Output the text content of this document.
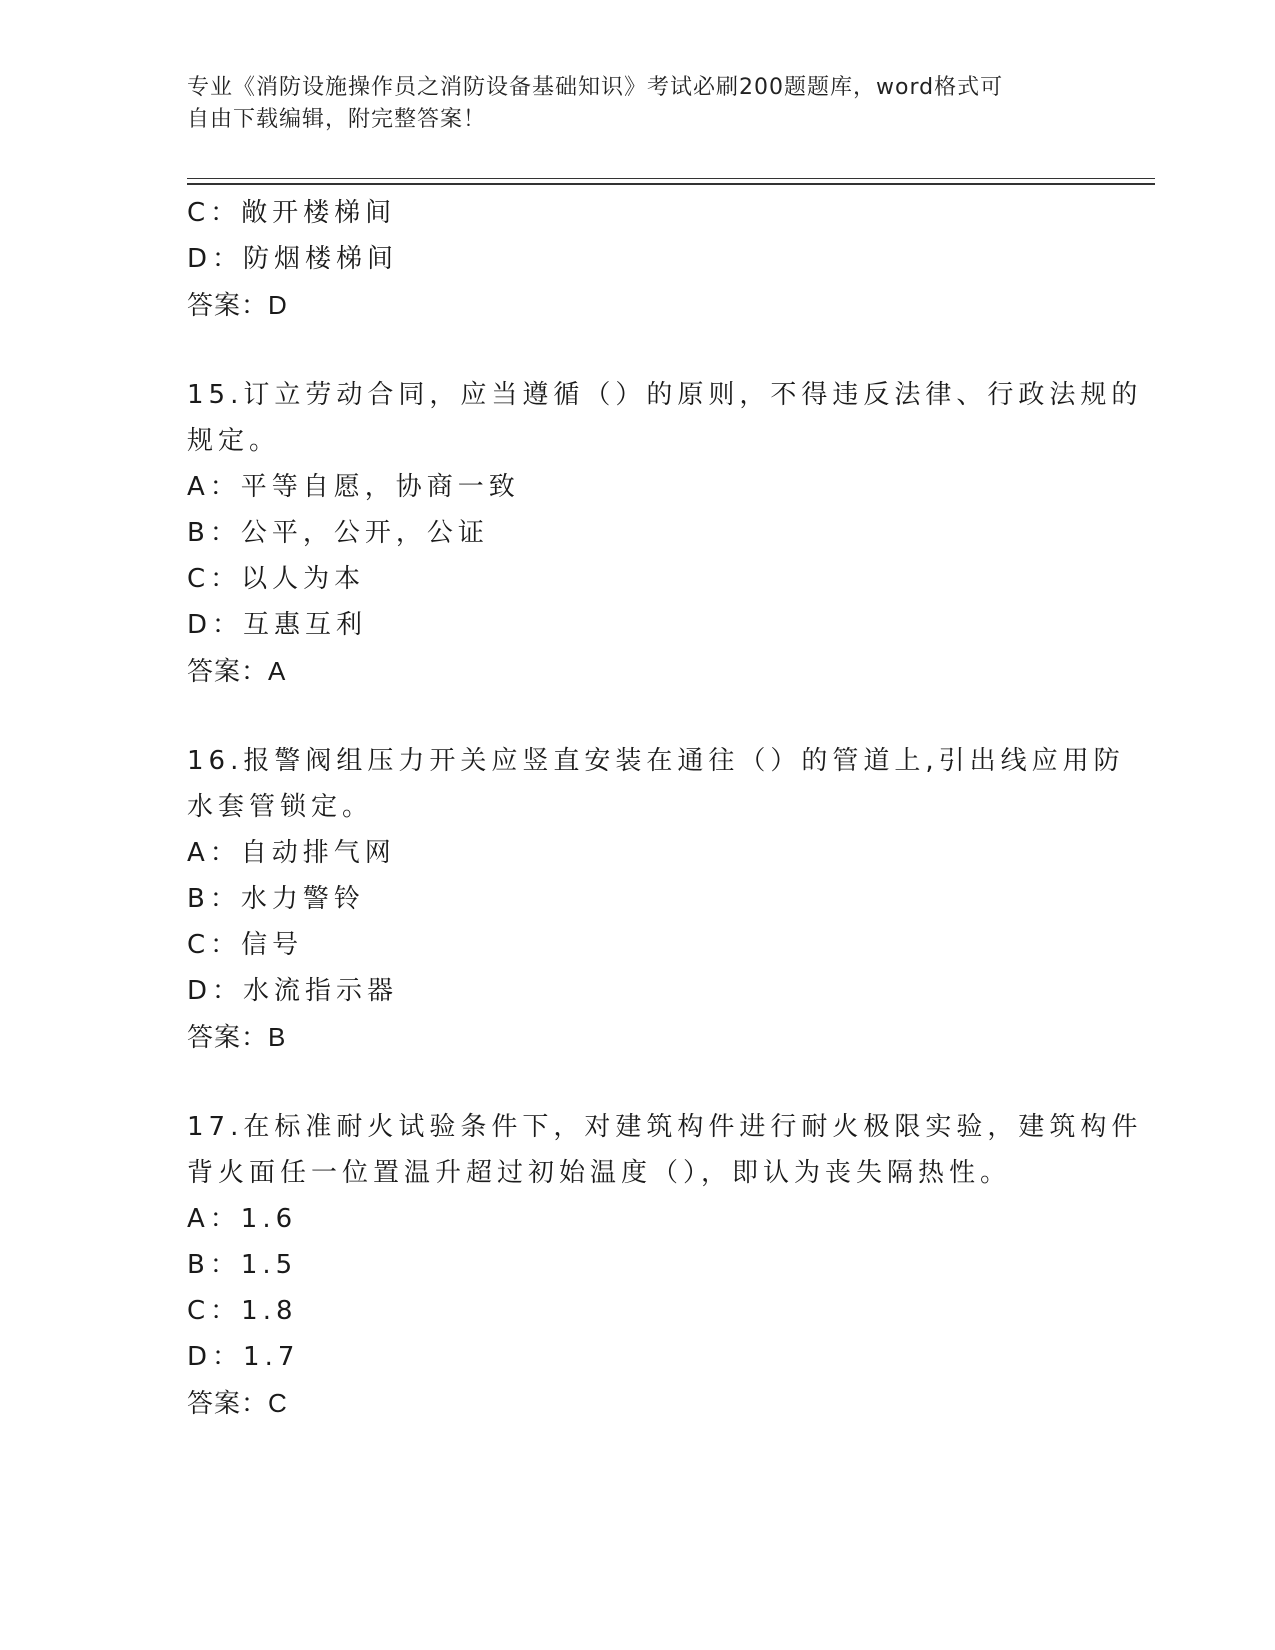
专业《消防设施操作员之消防设备基础知识》考试必刷200题题库，word格式可
自由下载编辑，附完整答案！
C：敞开楼梯间
D：防烟楼梯间
答案：D
15.订立劳动合同，应当遵循（）的原则，不得违反法律、行政法规的
规定。
A：平等自愿，协商一致
B：公平，公开，公证
C：以人为本
D：互惠互利
答案：A
16.报警阀组压力开关应竖直安装在通往（）的管道上,引出线应用防
水套管锁定。
A：自动排气网
B：水力警铃
C：信号
D：水流指示器
答案：B
17.在标准耐火试验条件下，对建筑构件进行耐火极限实验，建筑构件
背火面任一位置温升超过初始温度（），即认为丧失隔热性。
A：1.6
B：1.5
C：1.8
D：1.7
答案：C
